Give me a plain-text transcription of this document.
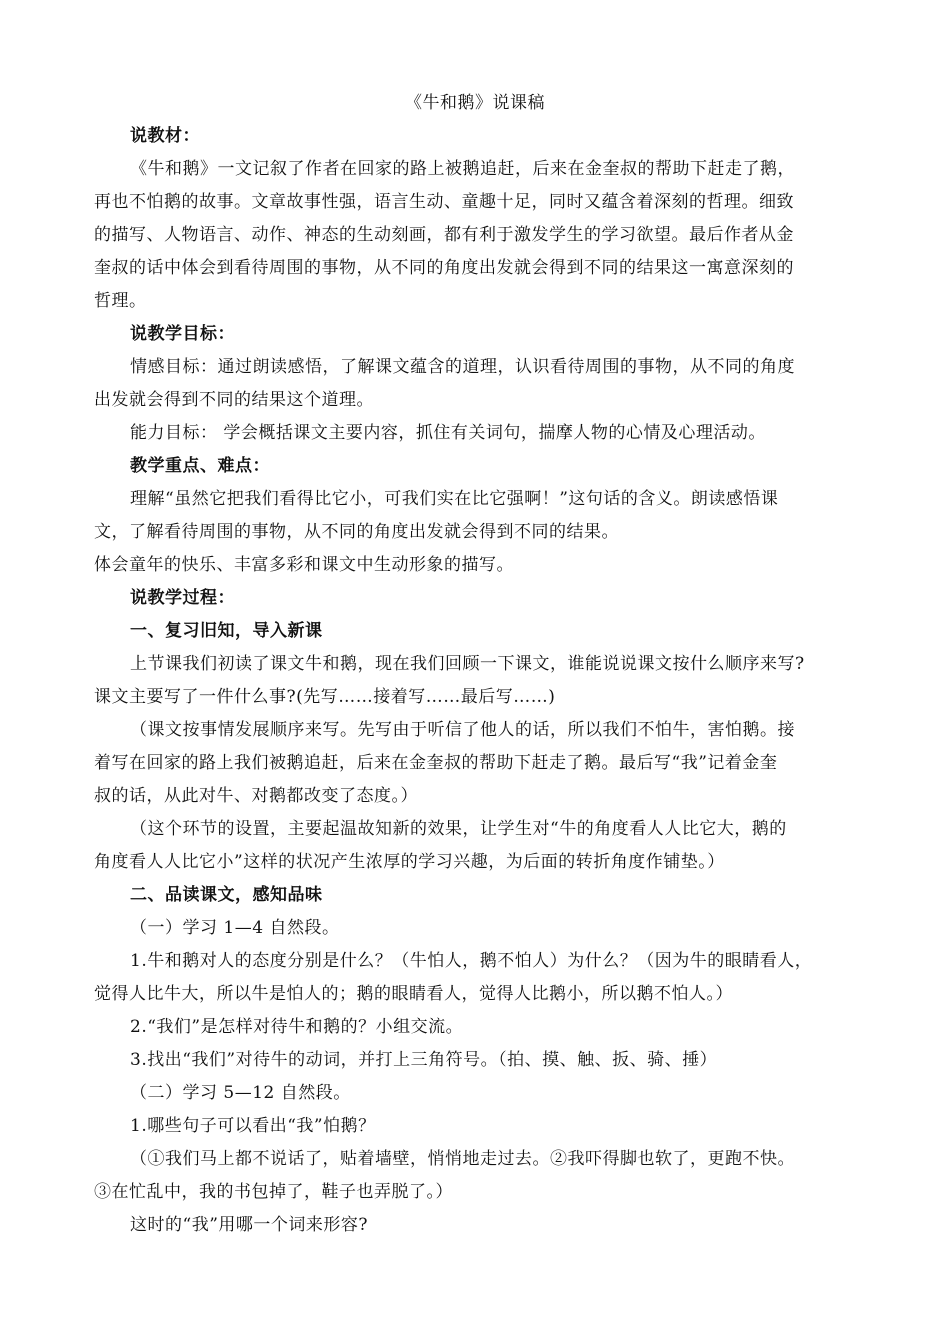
《牛和鹅》说课稿
说教材：
《牛和鹅》一文记叙了作者在回家的路上被鹅追赶，后来在金奎叔的帮助下赶走了鹅，
再也不怕鹅的故事。文章故事性强，语言生动、童趣十足，同时又蕴含着深刻的哲理。细致
的描写、人物语言、动作、神态的生动刻画，都有利于激发学生的学习欲望。最后作者从金
奎叔的话中体会到看待周围的事物，从不同的角度出发就会得到不同的结果这一寓意深刻的
哲理。
说教学目标：
情感目标：通过朗读感悟，了解课文蕴含的道理，认识看待周围的事物，从不同的角度
出发就会得到不同的结果这个道理。
能力目标： 学会概括课文主要内容，抓住有关词句，揣摩人物的心情及心理活动。
教学重点、难点：
理解“虽然它把我们看得比它小，可我们实在比它强啊！”这句话的含义。朗读感悟课
文，了解看待周围的事物，从不同的角度出发就会得到不同的结果。
体会童年的快乐、丰富多彩和课文中生动形象的描写。
说教学过程：
一、复习旧知，导入新课
上节课我们初读了课文牛和鹅，现在我们回顾一下课文，谁能说说课文按什么顺序来写?
课文主要写了一件什么事?(先写……接着写……最后写……)
（课文按事情发展顺序来写。先写由于听信了他人的话，所以我们不怕牛，害怕鹅。接
着写在回家的路上我们被鹅追赶，后来在金奎叔的帮助下赶走了鹅。最后写“我”记着金奎
叔的话，从此对牛、对鹅都改变了态度。）
（这个环节的设置，主要起温故知新的效果，让学生对“牛的角度看人人比它大，鹅的
角度看人人比它小”这样的状况产生浓厚的学习兴趣，为后面的转折角度作铺垫。）
二、品读课文，感知品味
（一）学习 1—4 自然段。
1.牛和鹅对人的态度分别是什么？（牛怕人，鹅不怕人）为什么？（因为牛的眼睛看人，
觉得人比牛大，所以牛是怕人的；鹅的眼睛看人，觉得人比鹅小，所以鹅不怕人。）
2.“我们”是怎样对待牛和鹅的？小组交流。
3.找出“我们”对待牛的动词，并打上三角符号。（拍、摸、触、扳、骑、捶）
（二）学习 5—12 自然段。
1.哪些句子可以看出“我”怕鹅？
（①我们马上都不说话了，贴着墙壁，悄悄地走过去。②我吓得脚也软了，更跑不快。
③在忙乱中，我的书包掉了，鞋子也弄脱了。）
这时的“我”用哪一个词来形容?
